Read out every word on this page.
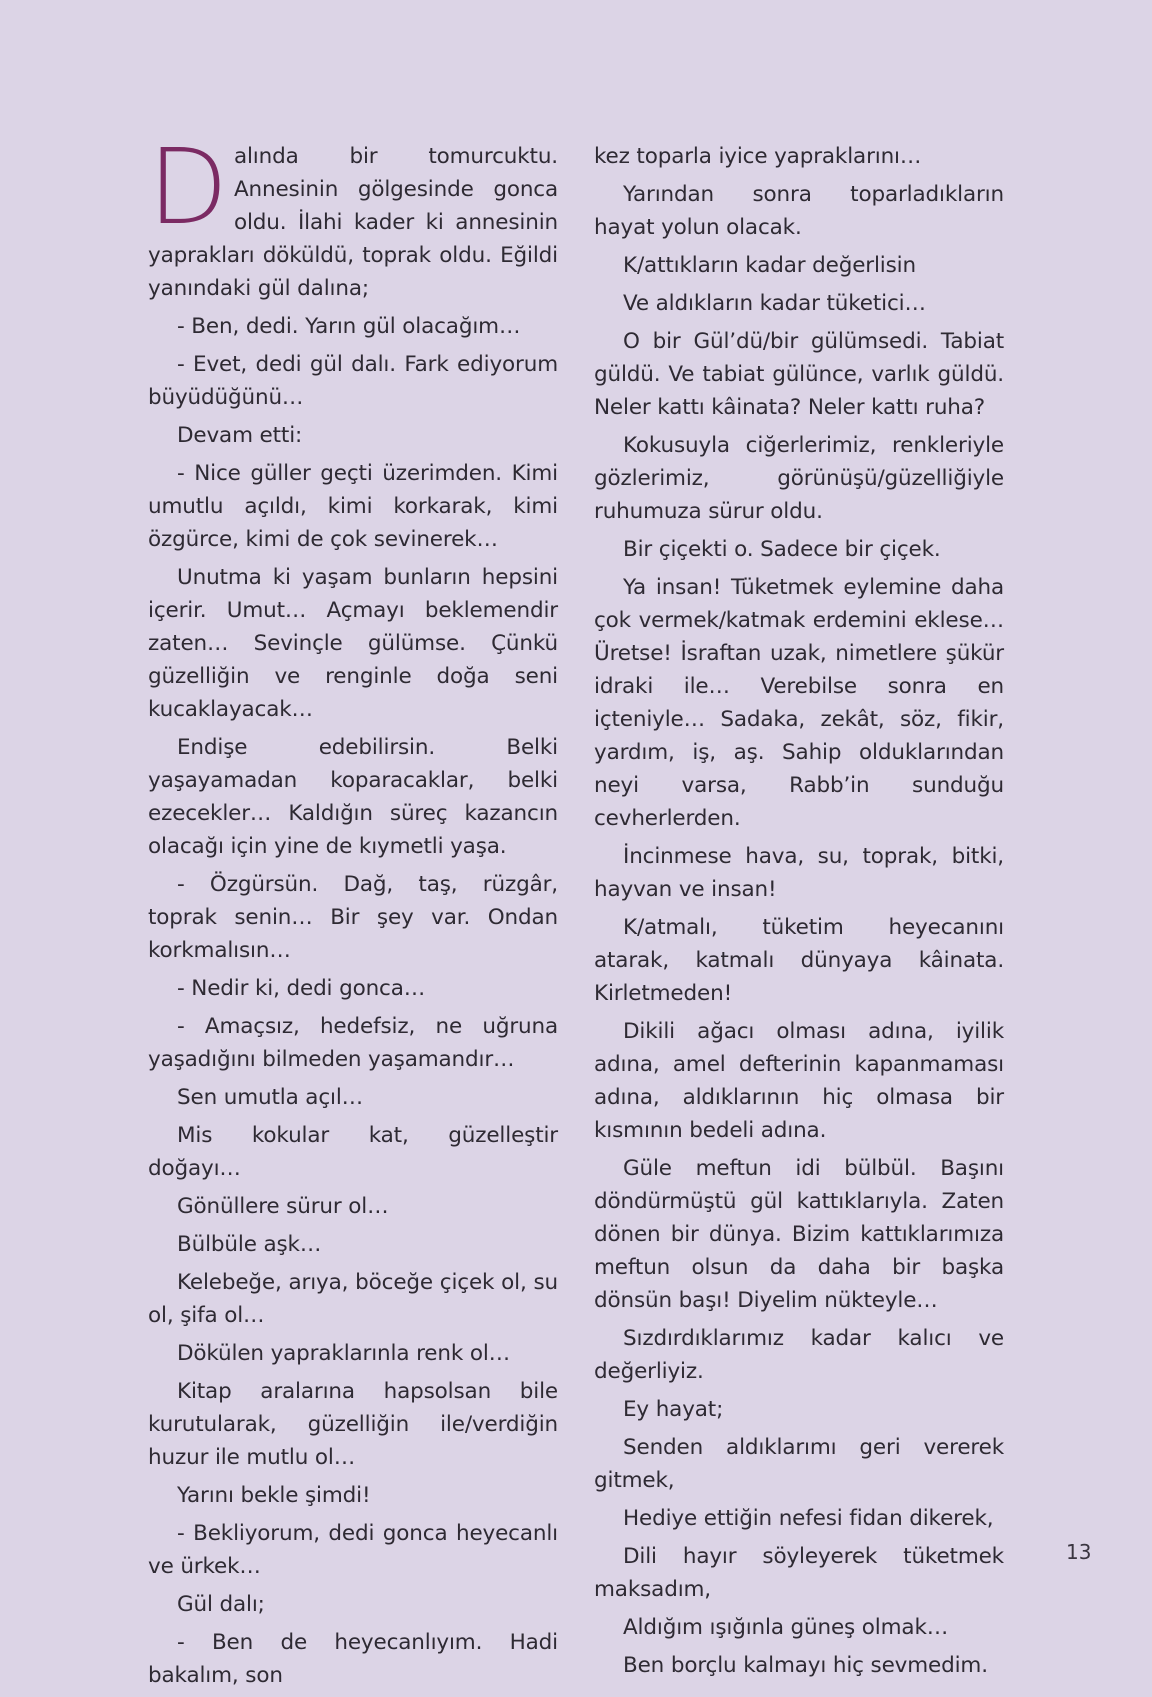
Dalında bir tomurcuktu. Annesinin gölgesinde gonca oldu. İlahi kader ki annesinin yaprakları döküldü, toprak oldu. Eğildi yanındaki gül dalına;

- Ben, dedi. Yarın gül olacağım…

- Evet, dedi gül dalı. Fark ediyorum büyüdüğünü…

Devam etti:

- Nice güller geçti üzerimden. Kimi umutlu açıldı, kimi korkarak, kimi özgürce, kimi de çok sevinerek…

Unutma ki yaşam bunların hepsini içerir. Umut… Açmayı beklemendir zaten… Sevinçle gülümse. Çünkü güzelliğin ve renginle doğa seni kucaklayacak…

Endişe edebilirsin. Belki yaşayamadan koparacaklar, belki ezecekler… Kaldığın süreç kazancın olacağı için yine de kıymetli yaşa.

- Özgürsün. Dağ, taş, rüzgâr, toprak senin… Bir şey var. Ondan korkmalısın…

- Nedir ki, dedi gonca…

- Amaçsız, hedefsiz, ne uğruna yaşadığını bilmeden yaşamandır…

Sen umutla açıl…

Mis kokular kat, güzelleştir doğayı…

Gönüllere sürur ol…

Bülbüle aşk…

Kelebeğe, arıya, böceğe çiçek ol, su ol, şifa ol…

Dökülen yapraklarınla renk ol…

Kitap aralarına hapsolsan bile kurutularak, güzelliğin ile/verdiğin huzur ile mutlu ol…

Yarını bekle şimdi!

- Bekliyorum, dedi gonca heyecanlı ve ürkek…

Gül dalı;

- Ben de heyecanlıyım. Hadi bakalım, son

kez toparla iyice yapraklarını…

Yarından sonra toparladıkların hayat yolun olacak.

K/attıkların kadar değerlisin

Ve aldıkların kadar tüketici…

O bir Gül’dü/bir gülümsedi. Tabiat güldü. Ve tabiat gülünce, varlık güldü. Neler kattı kâinata? Neler kattı ruha?

Kokusuyla ciğerlerimiz, renkleriyle gözlerimiz, görünüşü/güzelliğiyle ruhumuza sürur oldu.

Bir çiçekti o. Sadece bir çiçek.

Ya insan! Tüketmek eylemine daha çok vermek/katmak erdemini eklese… Üretse! İsraftan uzak, nimetlere şükür idraki ile… Verebilse sonra en içteniyle… Sadaka, zekât, söz, fikir, yardım, iş, aş. Sahip olduklarından neyi varsa, Rabb’in sunduğu cevherlerden.

İncinmese hava, su, toprak, bitki, hayvan ve insan!

K/atmalı, tüketim heyecanını atarak, katmalı dünyaya kâinata. Kirletmeden!

Dikili ağacı olması adına, iyilik adına, amel defterinin kapanmaması adına, aldıklarının hiç olmasa bir kısmının bedeli adına.

Güle meftun idi bülbül. Başını döndürmüştü gül kattıklarıyla. Zaten dönen bir dünya. Bizim kattıklarımıza meftun olsun da daha bir başka dönsün başı! Diyelim nükteyle…

Sızdırdıklarımız kadar kalıcı ve değerliyiz.

Ey hayat;

Senden aldıklarımı geri vererek gitmek,

Hediye ettiğin nefesi fidan dikerek,

Dili hayır söyleyerek tüketmek maksadım,

Aldığım ışığınla güneş olmak…

Ben borçlu kalmayı hiç sevmedim.

13
